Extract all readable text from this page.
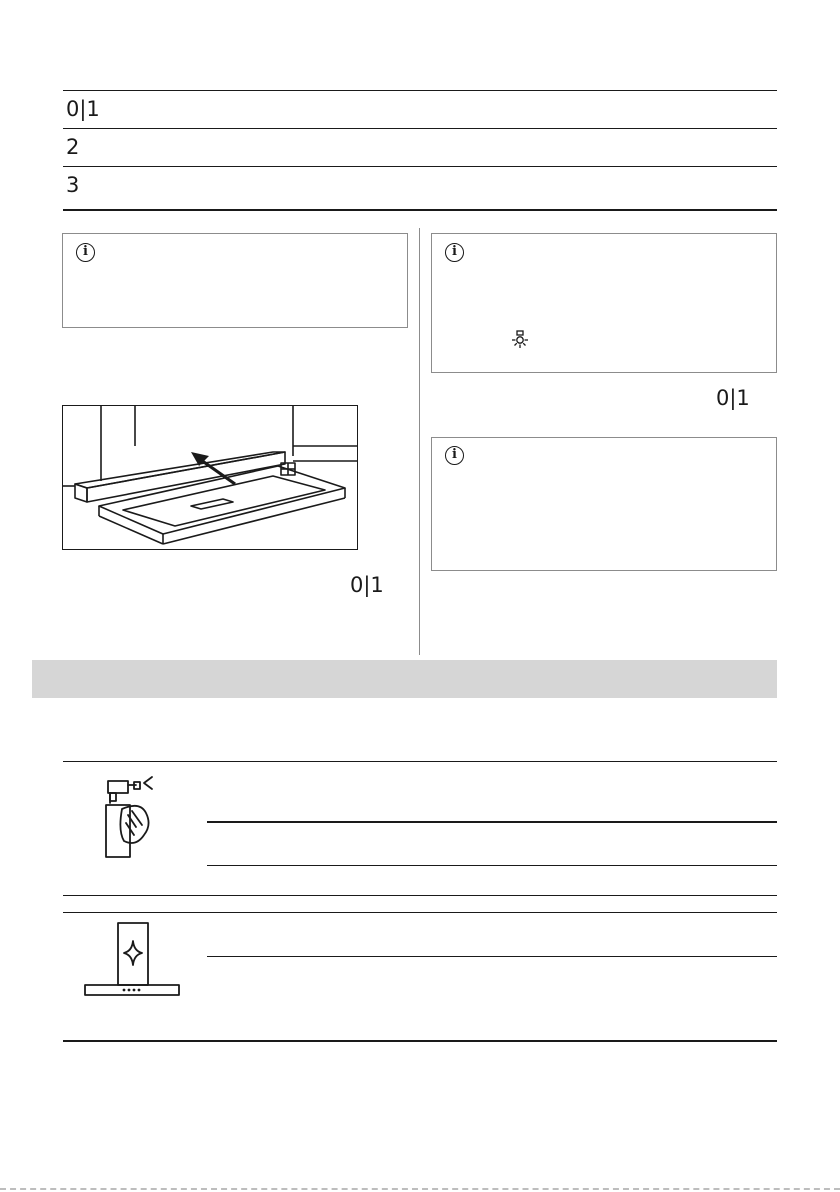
0|1
2
3
i
0|1
i
0|1
i
